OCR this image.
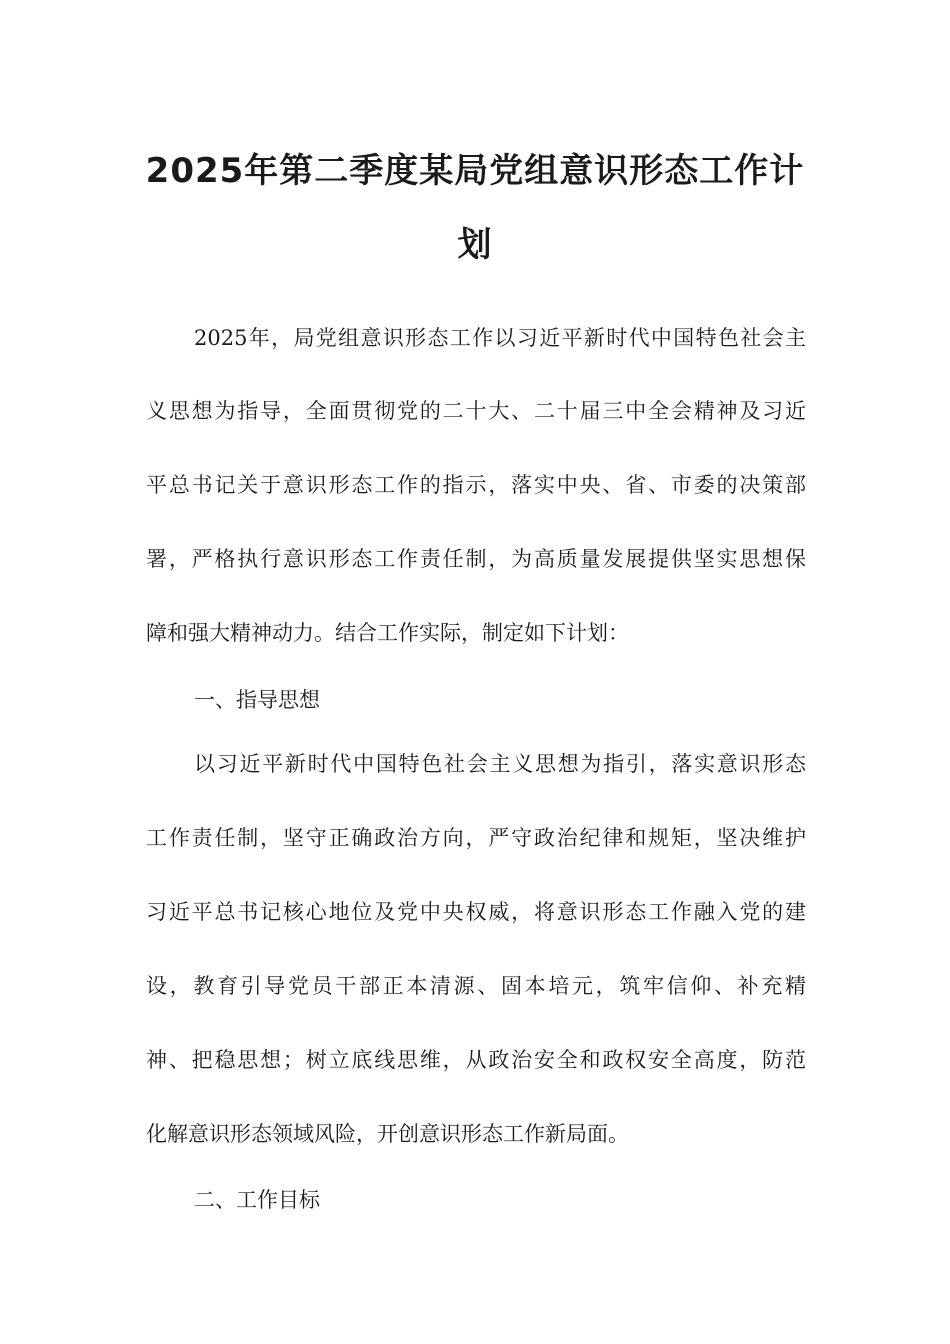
2025年第二季度某局党组意识形态工作计
划
2025年，局党组意识形态工作以习近平新时代中国特色社会主
义思想为指导，全面贯彻党的二十大、二十届三中全会精神及习近
平总书记关于意识形态工作的指示，落实中央、省、市委的决策部
署，严格执行意识形态工作责任制，为高质量发展提供坚实思想保
障和强大精神动力。结合工作实际，制定如下计划：
一、指导思想
以习近平新时代中国特色社会主义思想为指引，落实意识形态
工作责任制，坚守正确政治方向，严守政治纪律和规矩，坚决维护
习近平总书记核心地位及党中央权威，将意识形态工作融入党的建
设，教育引导党员干部正本清源、固本培元，筑牢信仰、补充精
神、把稳思想；树立底线思维，从政治安全和政权安全高度，防范
化解意识形态领域风险，开创意识形态工作新局面。
二、工作目标
